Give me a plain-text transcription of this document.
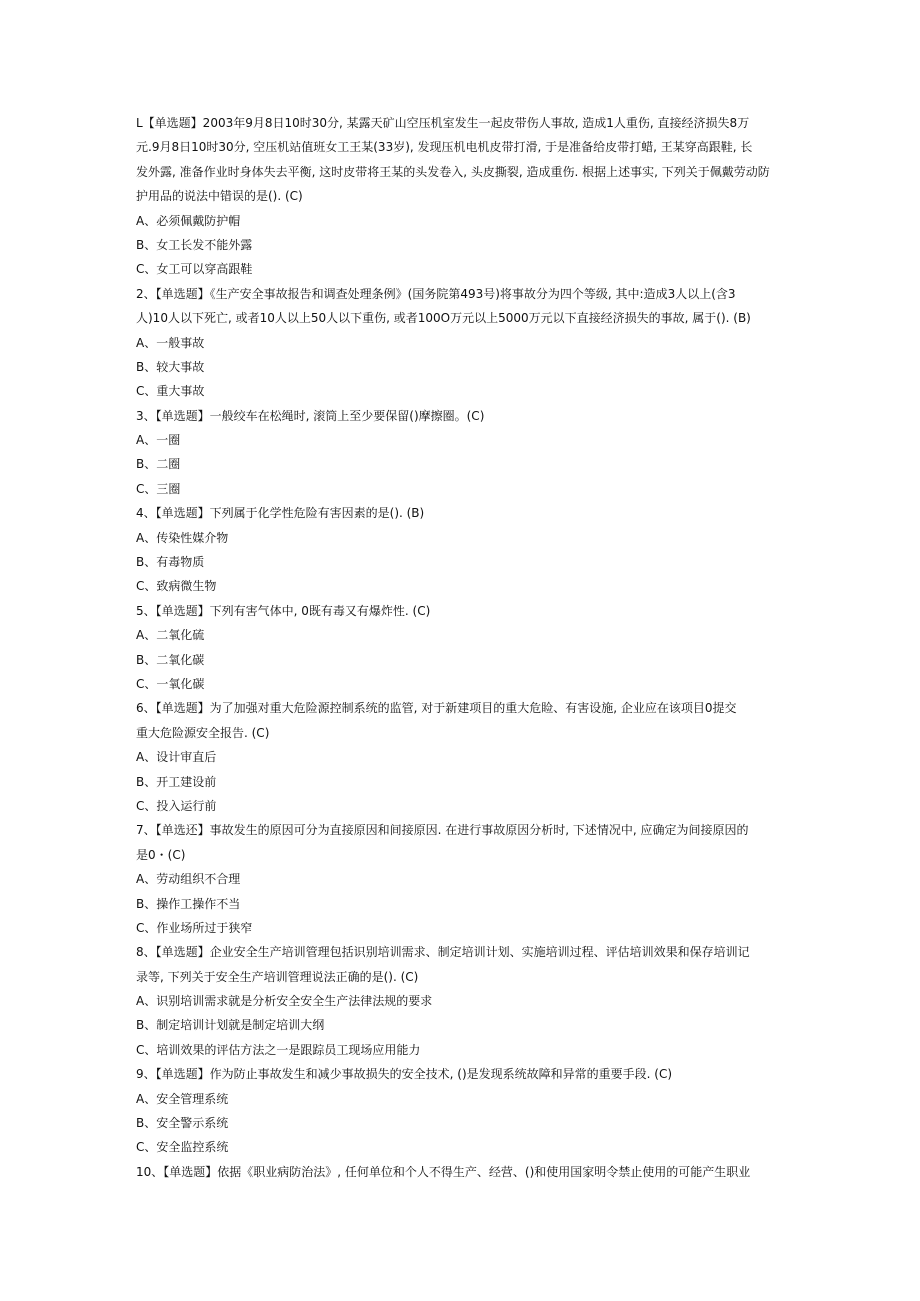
L【单选题】2003年9月8日10时30分, 某露天矿山空压机室发生一起皮带伤人事故, 造成1人重伤, 直接经济损失8万
元.9月8日10时30分, 空压机站值班女工王某(33岁), 发现压机电机皮带打滑, 于是准备给皮带打蜡, 王某穿高跟鞋, 长
发外露, 准备作业时身体失去平衡, 这时皮带将王某的头发卷入, 头皮撕裂, 造成重伤. 根据上述事实, 下列关于佩戴劳动防
护用品的说法中错误的是(). (C)
A、必须佩戴防护帽
B、女工长发不能外露
C、女工可以穿高跟鞋
2、【单选题】《生产安全事故报告和调查处理条例》(国务院第493号)将事故分为四个等级, 其中:造成3人以上(含3
人)10人以下死亡, 或者10人以上50人以下重伤, 或者100O万元以上5000万元以下直接经济损失的事故, 属于(). (B)
A、一般事故
B、较大事故
C、重大事故
3、【单选题】一般绞车在松绳时, 滚筒上至少要保留()摩擦圈。(C)
A、一圈
B、二圈
C、三圈
4、【单选题】下列属于化学性危险有害因素的是(). (B)
A、传染性媒介物
B、有毒物质
C、致病微生物
5、【单选题】下列有害气体中, 0既有毒又有爆炸性. (C)
A、二氧化硫
B、二氧化碳
C、一氧化碳
6、【单选题】为了加强对重大危险源控制系统的监管, 对于新建项目的重大危睑、有害设施, 企业应在该项目0提交
重大危险源安全报告. (C)
A、设计审直后
B、开工建设前
C、投入运行前
7、【单选还】事故发生的原因可分为直接原因和间接原因. 在进行事故原因分析时, 下述情况中, 应确定为间接原因的
是0・(C)
A、劳动组织不合理
B、操作工操作不当
C、作业场所过于狭窄
8、【单选题】企业安全生产培训管理包括识别培训需求、制定培训计划、实施培训过程、评估培训效果和保存培训记
录等, 下列关于安全生产培训管理说法正确的是(). (C)
A、识别培训需求就是分析安全安全生产法律法规的要求
B、制定培训计划就是制定培训大纲
C、培训效果的评估方法之一是跟踪员工现场应用能力
9、【单选题】作为防止事故发生和减少事故损失的安全技术, ()是发现系统故障和异常的重要手段. (C)
A、安全管理系统
B、安全警示系统
C、安全监控系统
10、【单选题】依据《职业病防治法》, 任何单位和个人不得生产、经营、()和使用国家明令禁止使用的可能产生职业
